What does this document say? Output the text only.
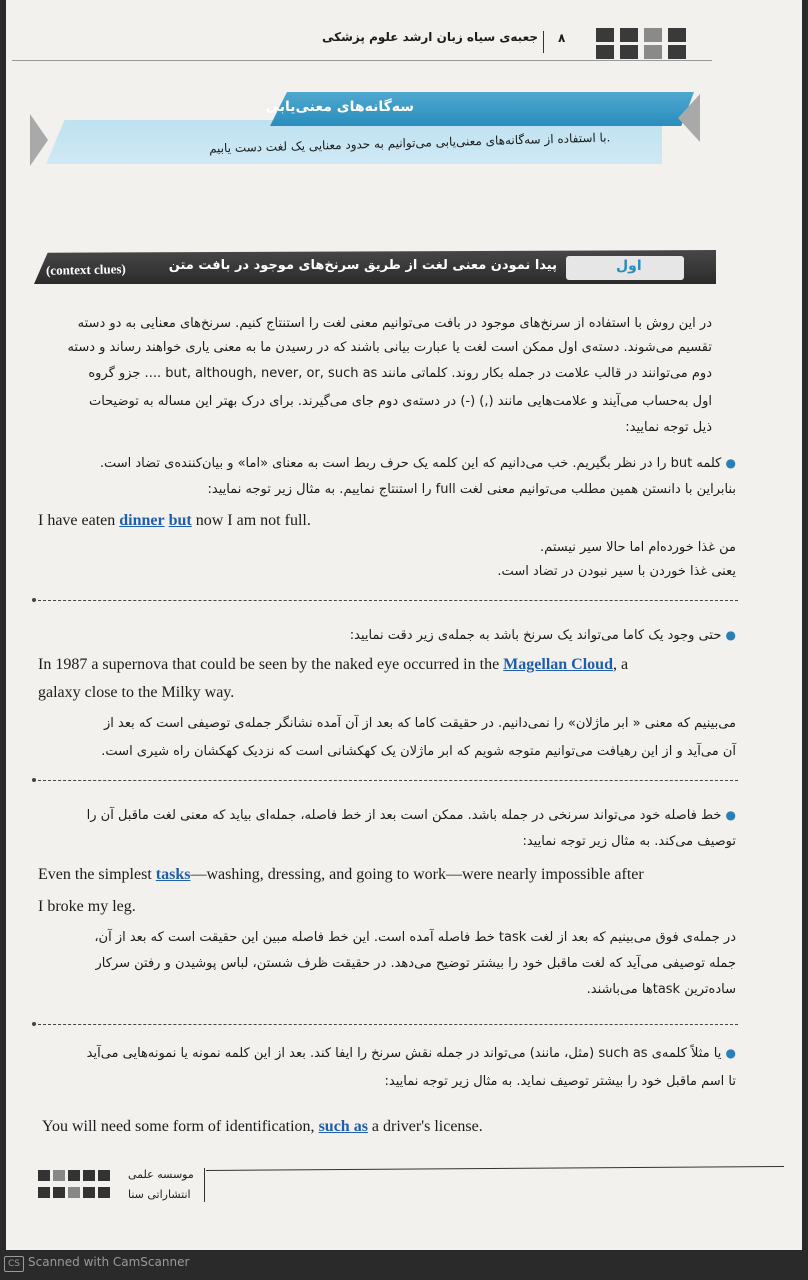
جعبه‌ی سیاه زبان ارشد علوم پزشکی ۸
سه‌گانه‌های معنی‌یابی
با استفاده از سه‌گانه‌های معنی‌یابی می‌توانیم به حدود معنایی یک لغت دست یابیم.
اول
پیدا نمودن معنی لغت از طریق سرنخ‌های موجود در بافت متن
(context clues)
در این روش با استفاده از سرنخ‌های موجود در بافت می‌توانیم معنی لغت را استنتاج کنیم. سرنخ‌های معنایی به دو دسته
تقسیم می‌شوند. دسته‌ی اول ممکن است لغت یا عبارت بیانی باشند که در رسیدن ما به معنی یاری خواهند رساند و دسته
دوم می‌توانند در قالب علامت در جمله بکار روند. کلماتی مانند but, although, never, or, such as .... جزو گروه
اول به‌حساب می‌آیند و علامت‌هایی مانند (,) (-) در دسته‌ی دوم جای می‌گیرند. برای درک بهتر این مساله به توضیحات
ذیل توجه نمایید:
● کلمه but را در نظر بگیریم. خب می‌دانیم که این کلمه یک حرف ربط است به معنای «اما» و بیان‌کننده‌ی تضاد است.
بنابراین با دانستن همین مطلب می‌توانیم معنی لغت full را استنتاج نماییم. به مثال زیر توجه نمایید:
I have eaten dinner but now I am not full.
من غذا خورده‌ام اما حالا سیر نیستم.
یعنی غذا خوردن با سیر نبودن در تضاد است.
● حتی وجود یک کاما می‌تواند یک سرنخ باشد به جمله‌ی زیر دقت نمایید:
In 1987 a supernova that could be seen by the naked eye occurred in the Magellan Cloud, a
galaxy close to the Milky way.
می‌بینیم که معنی « ابر ماژلان» را نمی‌دانیم. در حقیقت کاما که بعد از آن آمده نشانگر جمله‌ی توصیفی است که بعد از
آن می‌آید و از این رهیافت می‌توانیم متوجه شویم که ابر ماژلان یک کهکشانی است که نزدیک کهکشان راه شیری است.
● خط فاصله خود می‌تواند سرنخی در جمله باشد. ممکن است بعد از خط فاصله، جمله‌ای بیاید که معنی لغت ماقبل آن را
توصیف می‌کند. به مثال زیر توجه نمایید:
Even the simplest tasks—washing, dressing, and going to work—were nearly impossible after
I broke my leg.
در جمله‌ی فوق می‌بینیم که بعد از لغت task خط فاصله آمده است. این خط فاصله مبین این حقیقت است که بعد از آن،
جمله توصیفی می‌آید که لغت ماقبل خود را بیشتر توضیح می‌دهد. در حقیقت ظرف شستن، لباس پوشیدن و رفتن سرکار
ساده‌ترین taskها می‌باشند.
● یا مثلاً کلمه‌ی such as (مثل، مانند) می‌تواند در جمله نقش سرنخ را ایفا کند. بعد از این کلمه نمونه یا نمونه‌هایی می‌آید
تا اسم ماقبل خود را بیشتر توصیف نماید. به مثال زیر توجه نمایید:
You will need some form of identification, such as a driver's license.
موسسه علمی
انتشاراتی سنا
CS Scanned with CamScanner
